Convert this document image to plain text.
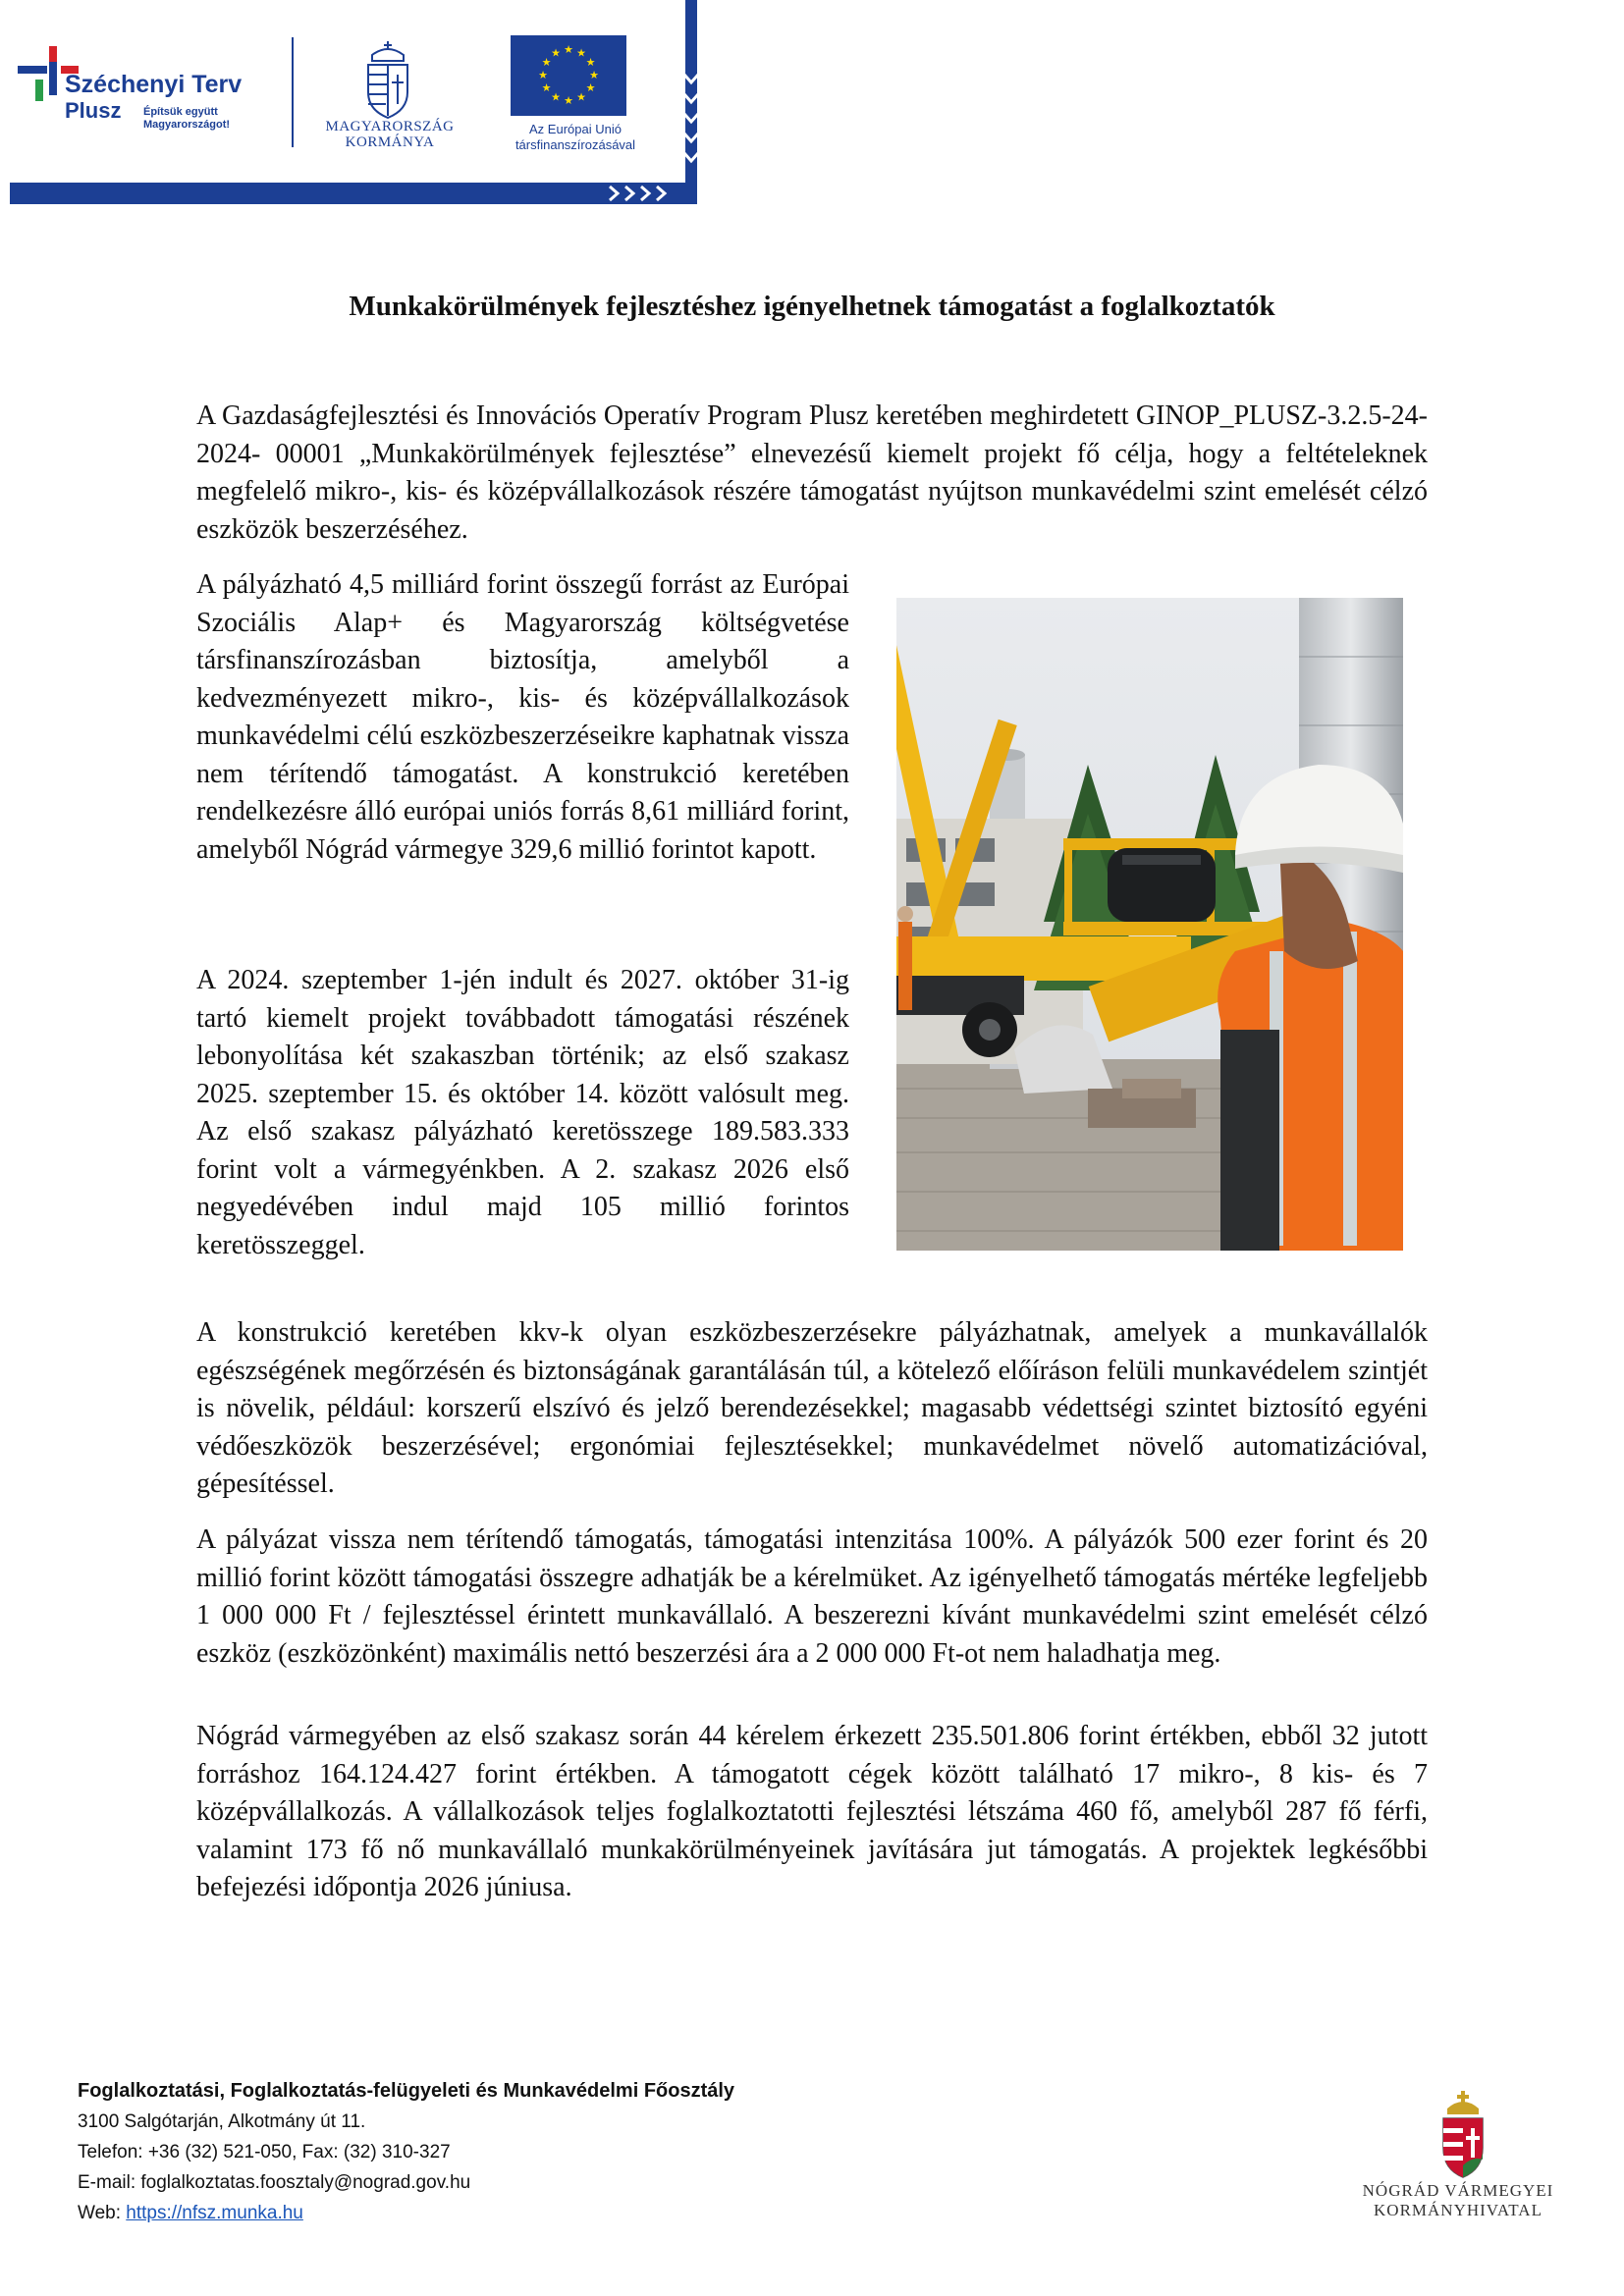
Széchenyi Terv
Plusz Építsük együtt
Magyarországot!	MAGYARORSZÁG
KORMÁNYA
★ ★
★
★
★
★
★
★
★
★
★
★
Az Európai Unió
társfinanszírozásával
Munkakörülmények fejlesztéshez igényelhetnek támogatást a foglalkoztatók

A Gazdaságfejlesztési és Innovációs Operatív Program Plusz keretében meghirdetett GINOP_PLUSZ-3.2.5-24-2024- 00001 „Munkakörülmények fejlesztése” elnevezésű kiemelt projekt fő célja, hogy a feltételeknek megfelelő mikro-, kis- és középvállalkozások részére támogatást nyújtson munkavédelmi szint emelését célzó eszközök beszerzéséhez.

A pályázható 4,5 milliárd forint összegű forrást az Európai Szociális Alap+ és Magyarország költségvetése társfinanszírozásban biztosítja, amelyből a kedvezményezett mikro-, kis- és középvállalkozások munkavédelmi célú eszközbeszerzéseikre kaphatnak vissza nem térítendő támogatást. A konstrukció keretében rendelkezésre álló európai uniós forrás 8,61 milliárd forint, amelyből Nógrád vármegye 329,6 millió forintot kapott.

A 2024. szeptember 1-jén indult és 2027. október 31-ig tartó kiemelt projekt továbbadott támogatási részének lebonyolítása két szakaszban történik; az első szakasz 2025. szeptember 15. és október 14. között valósult meg. Az első szakasz pályázható keretösszege 189.583.333 forint volt a vármegyénkben. A 2. szakasz 2026 első negyedévében indul majd 105 millió forintos keretösszeggel.

A konstrukció keretében kkv-k olyan eszközbeszerzésekre pályázhatnak, amelyek a munkavállalók egészségének megőrzésén és biztonságának garantálásán túl, a kötelező előíráson felüli munkavédelem szintjét is növelik, például: korszerű elszívó és jelző berendezésekkel; magasabb védettségi szintet biztosító egyéni védőeszközök beszerzésével; ergonómiai fejlesztésekkel; munkavédelmet növelő automatizációval, gépesítéssel.

A pályázat vissza nem térítendő támogatás, támogatási intenzitása 100%. A pályázók 500 ezer forint és 20 millió forint között támogatási összegre adhatják be a kérelmüket. Az igényelhető támogatás mértéke legfeljebb 1 000 000 Ft / fejlesztéssel érintett munkavállaló. A beszerezni kívánt munkavédelmi szint emelését célzó eszköz (eszközönként) maximális nettó beszerzési ára a 2 000 000 Ft-ot nem haladhatja meg.

Nógrád vármegyében az első szakasz során 44 kérelem érkezett 235.501.806 forint értékben, ebből 32 jutott forráshoz 164.124.427 forint értékben. A támogatott cégek között található 17 mikro-, 8 kis- és 7 középvállalkozás. A vállalkozások teljes foglalkoztatotti fejlesztési létszáma 460 fő, amelyből 287 fő férfi, valamint 173 fő nő munkavállaló munkakörülményeinek javítására jut támogatás. A projektek legkésőbbi befejezési időpontja 2026 júniusa.

Foglalkoztatási, Foglalkoztatás-felügyeleti és Munkavédelmi Főosztály
3100 Salgótarján, Alkotmány út 11.
Telefon: +36 (32) 521-050, Fax: (32) 310-327
E-mail: foglalkoztatas.foosztaly@nograd.gov.hu
Web: https://nfsz.munka.hu
NÓGRÁD VÁRMEGYEI
KORMÁNYHIVATAL
